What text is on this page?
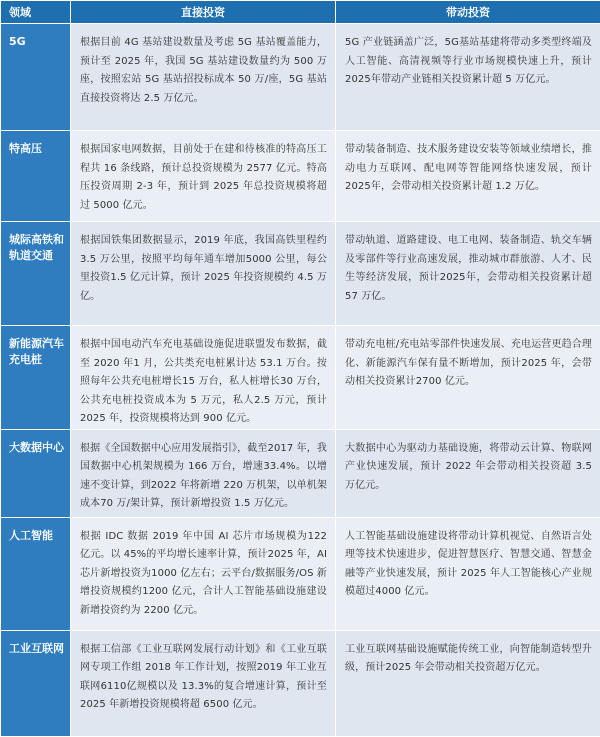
领域	直接投资	带动投资
5G	根据目前 4G 基站建设数量及考虑 5G 基站覆盖能力，预计至 2025 年，我国 5G 基站建设数量约为 500 万座，按照宏站 5G 基站招投标成本 50 万/座，5G 基站直接投资将达 2.5 万亿元。	5G 产业链涵盖广泛，5G基站基建将带动多类型终端及人工智能、高清视频等行业市场规模快速上升，预计2025年带动产业链相关投资累计超 5 万亿元。
特高压	根据国家电网数据，目前处于在建和待核准的特高压工程共 16 条线路，预计总投资规模为 2577 亿元。特高压投资周期 2-3 年，预计到 2025 年总投资规模将超过 5000 亿元。	带动装备制造、技术服务建设安装等领域业绩增长，推动电力互联网、配电网等智能网络快速发展，预计2025年，会带动相关投资累计超 1.2 万亿。
城际高铁和轨道交通	根据国铁集团数据显示，2019 年底，我国高铁里程约 3.5 万公里，按照平均每年通车增加5000 公里，每公里投资1.5 亿元计算，预计 2025 年投资规模约 4.5 万亿。	带动轨道、道路建设、电工电网、装备制造、轨交车辆及零部件等行业高速发展，推动城市群旅游、人才、民生等经济发展，预计2025年，会带动相关投资累计超 57 万亿。
新能源汽车充电桩	根据中国电动汽车充电基础设施促进联盟发布数据，截至 2020 年1 月，公共类充电桩累计达 53.1 万台。按照每年公共充电桩增长15 万台，私人桩增长30 万台，公共充电桩投资成本为 5 万元，私人2.5 万元，预计 2025 年，投资规模将达到 900 亿元。	带动充电桩/充电站零部件快速发展、充电运营更趋合理化、新能源汽车保有量不断增加，预计2025 年，会带动相关投资累计2700 亿元。
大数据中心	根据《全国数据中心应用发展指引》，截至2017 年，我国数据中心机架规模为 166 万台，增速33.4%。以增速不变计算，到2022 年将新增 220 万机架，以单机架成本70 万/架计算，预计新增投资 1.5 万亿元。	大数据中心为驱动力基础设施，将带动云计算、物联网产业快速发展，预计 2022 年会带动相关投资超 3.5 万亿元。
人工智能	根据 IDC 数据 2019 年中国 AI 芯片市场规模为122 亿元。以 45%的平均增长速率计算，预计2025 年，AI芯片新增投资为1000 亿左右；云平台/数据服务/OS 新增投资规模约1200 亿元，合计人工智能基础设施建设新增投资约为 2200 亿元。	人工智能基础设施建设将带动计算机视觉、自然语言处理等技术快速进步，促进智慧医疗、智慧交通、智慧金融等产业快速发展，预计 2025 年人工智能核心产业规模超过4000 亿元。
工业互联网	根据工信部《工业互联网发展行动计划》和《工业互联网专项工作组 2018 年工作计划，按照2019 年工业互联网6110亿规模以及 13.3%的复合增速计算，预计至 2025 年新增投资规模将超 6500 亿元。	工业互联网基础设施赋能传统工业，向智能制造转型升级，预计2025 年会带动相关投资超万亿元。
